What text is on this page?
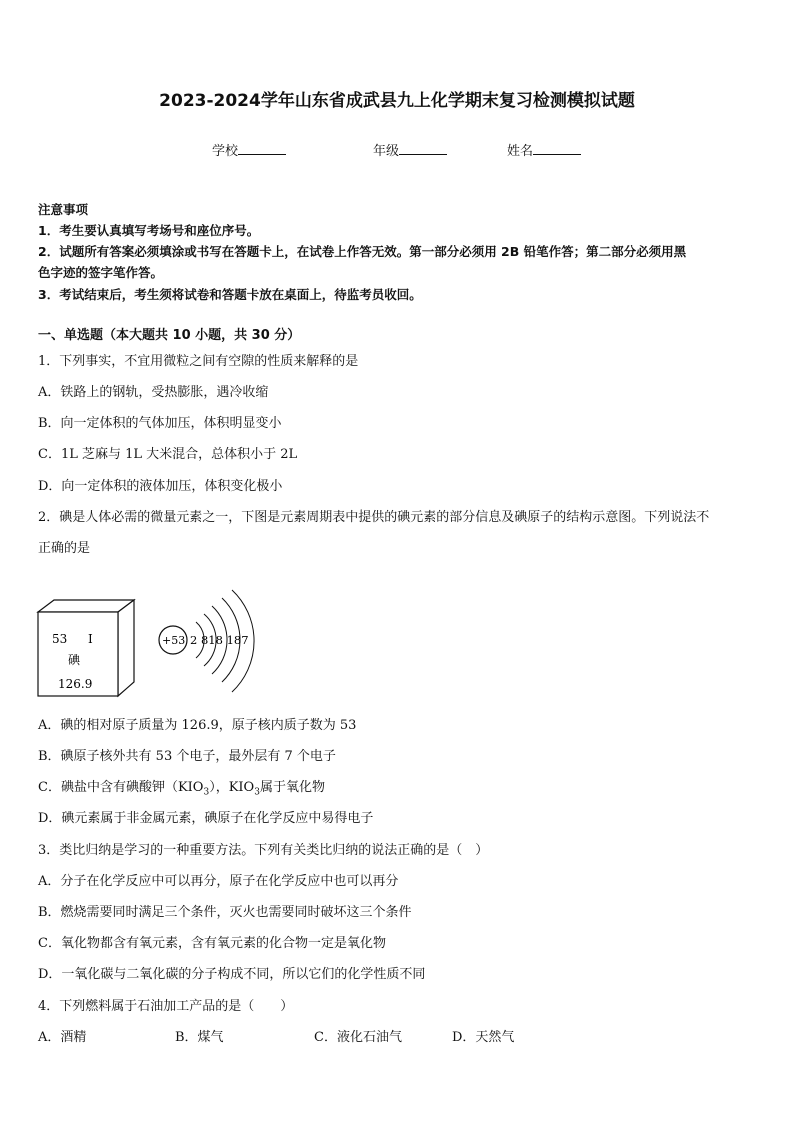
2023-2024学年山东省成武县九上化学期末复习检测模拟试题
学校	年级	姓名
注意事项
1．考生要认真填写考场号和座位序号。
2．试题所有答案必须填涂或书写在答题卡上，在试卷上作答无效。第一部分必须用 2B 铅笔作答；第二部分必须用黑
色字迹的签字笔作答。
3．考试结束后，考生须将试卷和答题卡放在桌面上，待监考员收回。
一、单选题（本大题共 10 小题，共 30 分）
1．下列事实，不宜用微粒之间有空隙的性质来解释的是
A．铁路上的钢轨，受热膨胀，遇冷收缩
B．向一定体积的气体加压，体积明显变小
C．1L 芝麻与 1L 大米混合，总体积小于 2L
D．向一定体积的液体加压，体积变化极小
2．碘是人体必需的微量元素之一，下图是元素周期表中提供的碘元素的部分信息及碘原子的结构示意图。下列说法不
正确的是
53 I
碘
126.9
+53 2 818 187
A．碘的相对原子质量为 126.9，原子核内质子数为 53
B．碘原子核外共有 53 个电子，最外层有 7 个电子
C．碘盐中含有碘酸钾$(KIO_3)$，$KIO_3$属于氧化物
D．碘元素属于非金属元素，碘原子在化学反应中易得电子
3．类比归纳是学习的一种重要方法。下列有关类比归纳的说法正确的是（　）
A．分子在化学反应中可以再分，原子在化学反应中也可以再分
B．燃烧需要同时满足三个条件，灭火也需要同时破坏这三个条件
C．氧化物都含有氧元素，含有氧元素的化合物一定是氧化物
D．一氧化碳与二氧化碳的分子构成不同，所以它们的化学性质不同
4．下列燃料属于石油加工产品的是（　　）
A．酒精	B．煤气	C．液化石油气	D．天然气
